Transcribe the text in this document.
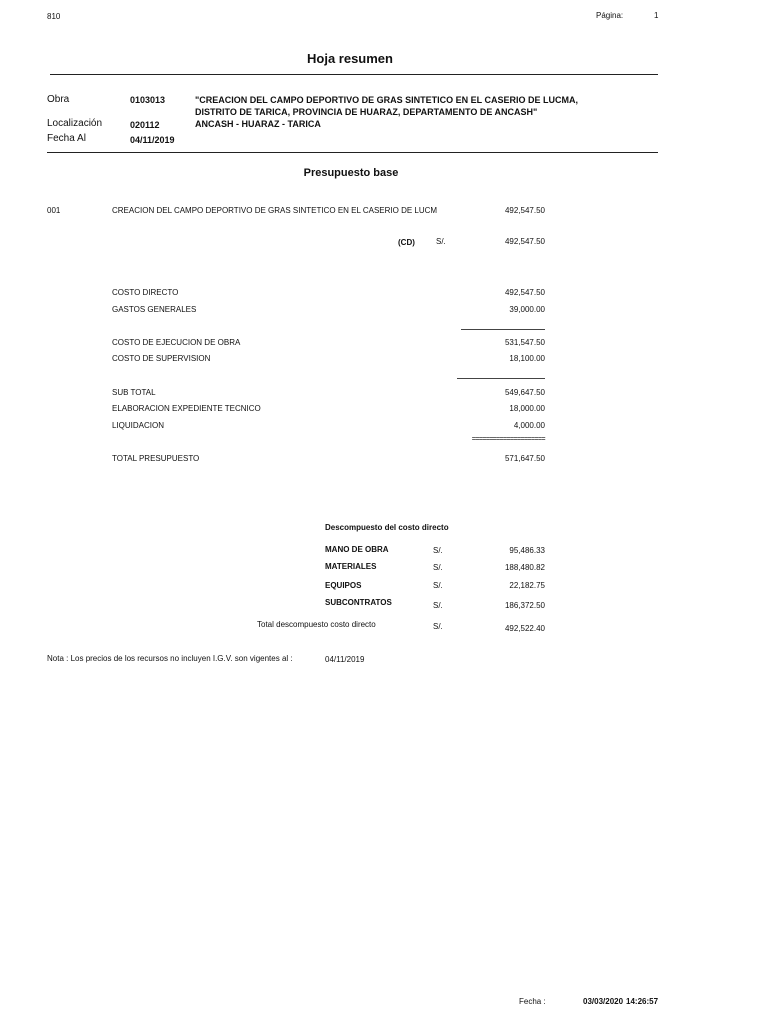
810	Página:	1
Hoja resumen
Obra	0103013	"CREACION DEL CAMPO DEPORTIVO DE GRAS SINTETICO EN EL CASERIO DE LUCMA,
DISTRITO DE TARICA, PROVINCIA DE HUARAZ, DEPARTAMENTO DE ANCASH"
Localización	020112	ANCASH - HUARAZ - TARICA
Fecha Al	04/11/2019
Presupuesto base
001	CREACION DEL CAMPO DEPORTIVO DE GRAS SINTETICO EN EL CASERIO DE LUCM	492,547.50
(CD)	S/.	492,547.50
COSTO DIRECTO	492,547.50
GASTOS GENERALES	39,000.00
COSTO DE EJECUCION DE OBRA	531,547.50
COSTO DE SUPERVISION	18,100.00
SUB TOTAL	549,647.50
ELABORACION EXPEDIENTE TECNICO	18,000.00
LIQUIDACION	4,000.00
=====================
TOTAL PRESUPUESTO	571,647.50
Descompuesto del costo directo
MANO DE OBRA	S/.	95,486.33
MATERIALES	S/.	188,480.82
EQUIPOS	S/.	22,182.75
SUBCONTRATOS	S/.	186,372.50
Total descompuesto costo directo	S/.	492,522.40
Nota : Los precios de los recursos no incluyen I.G.V. son vigentes al :	04/11/2019
Fecha :	03/03/2020 14:26:57
